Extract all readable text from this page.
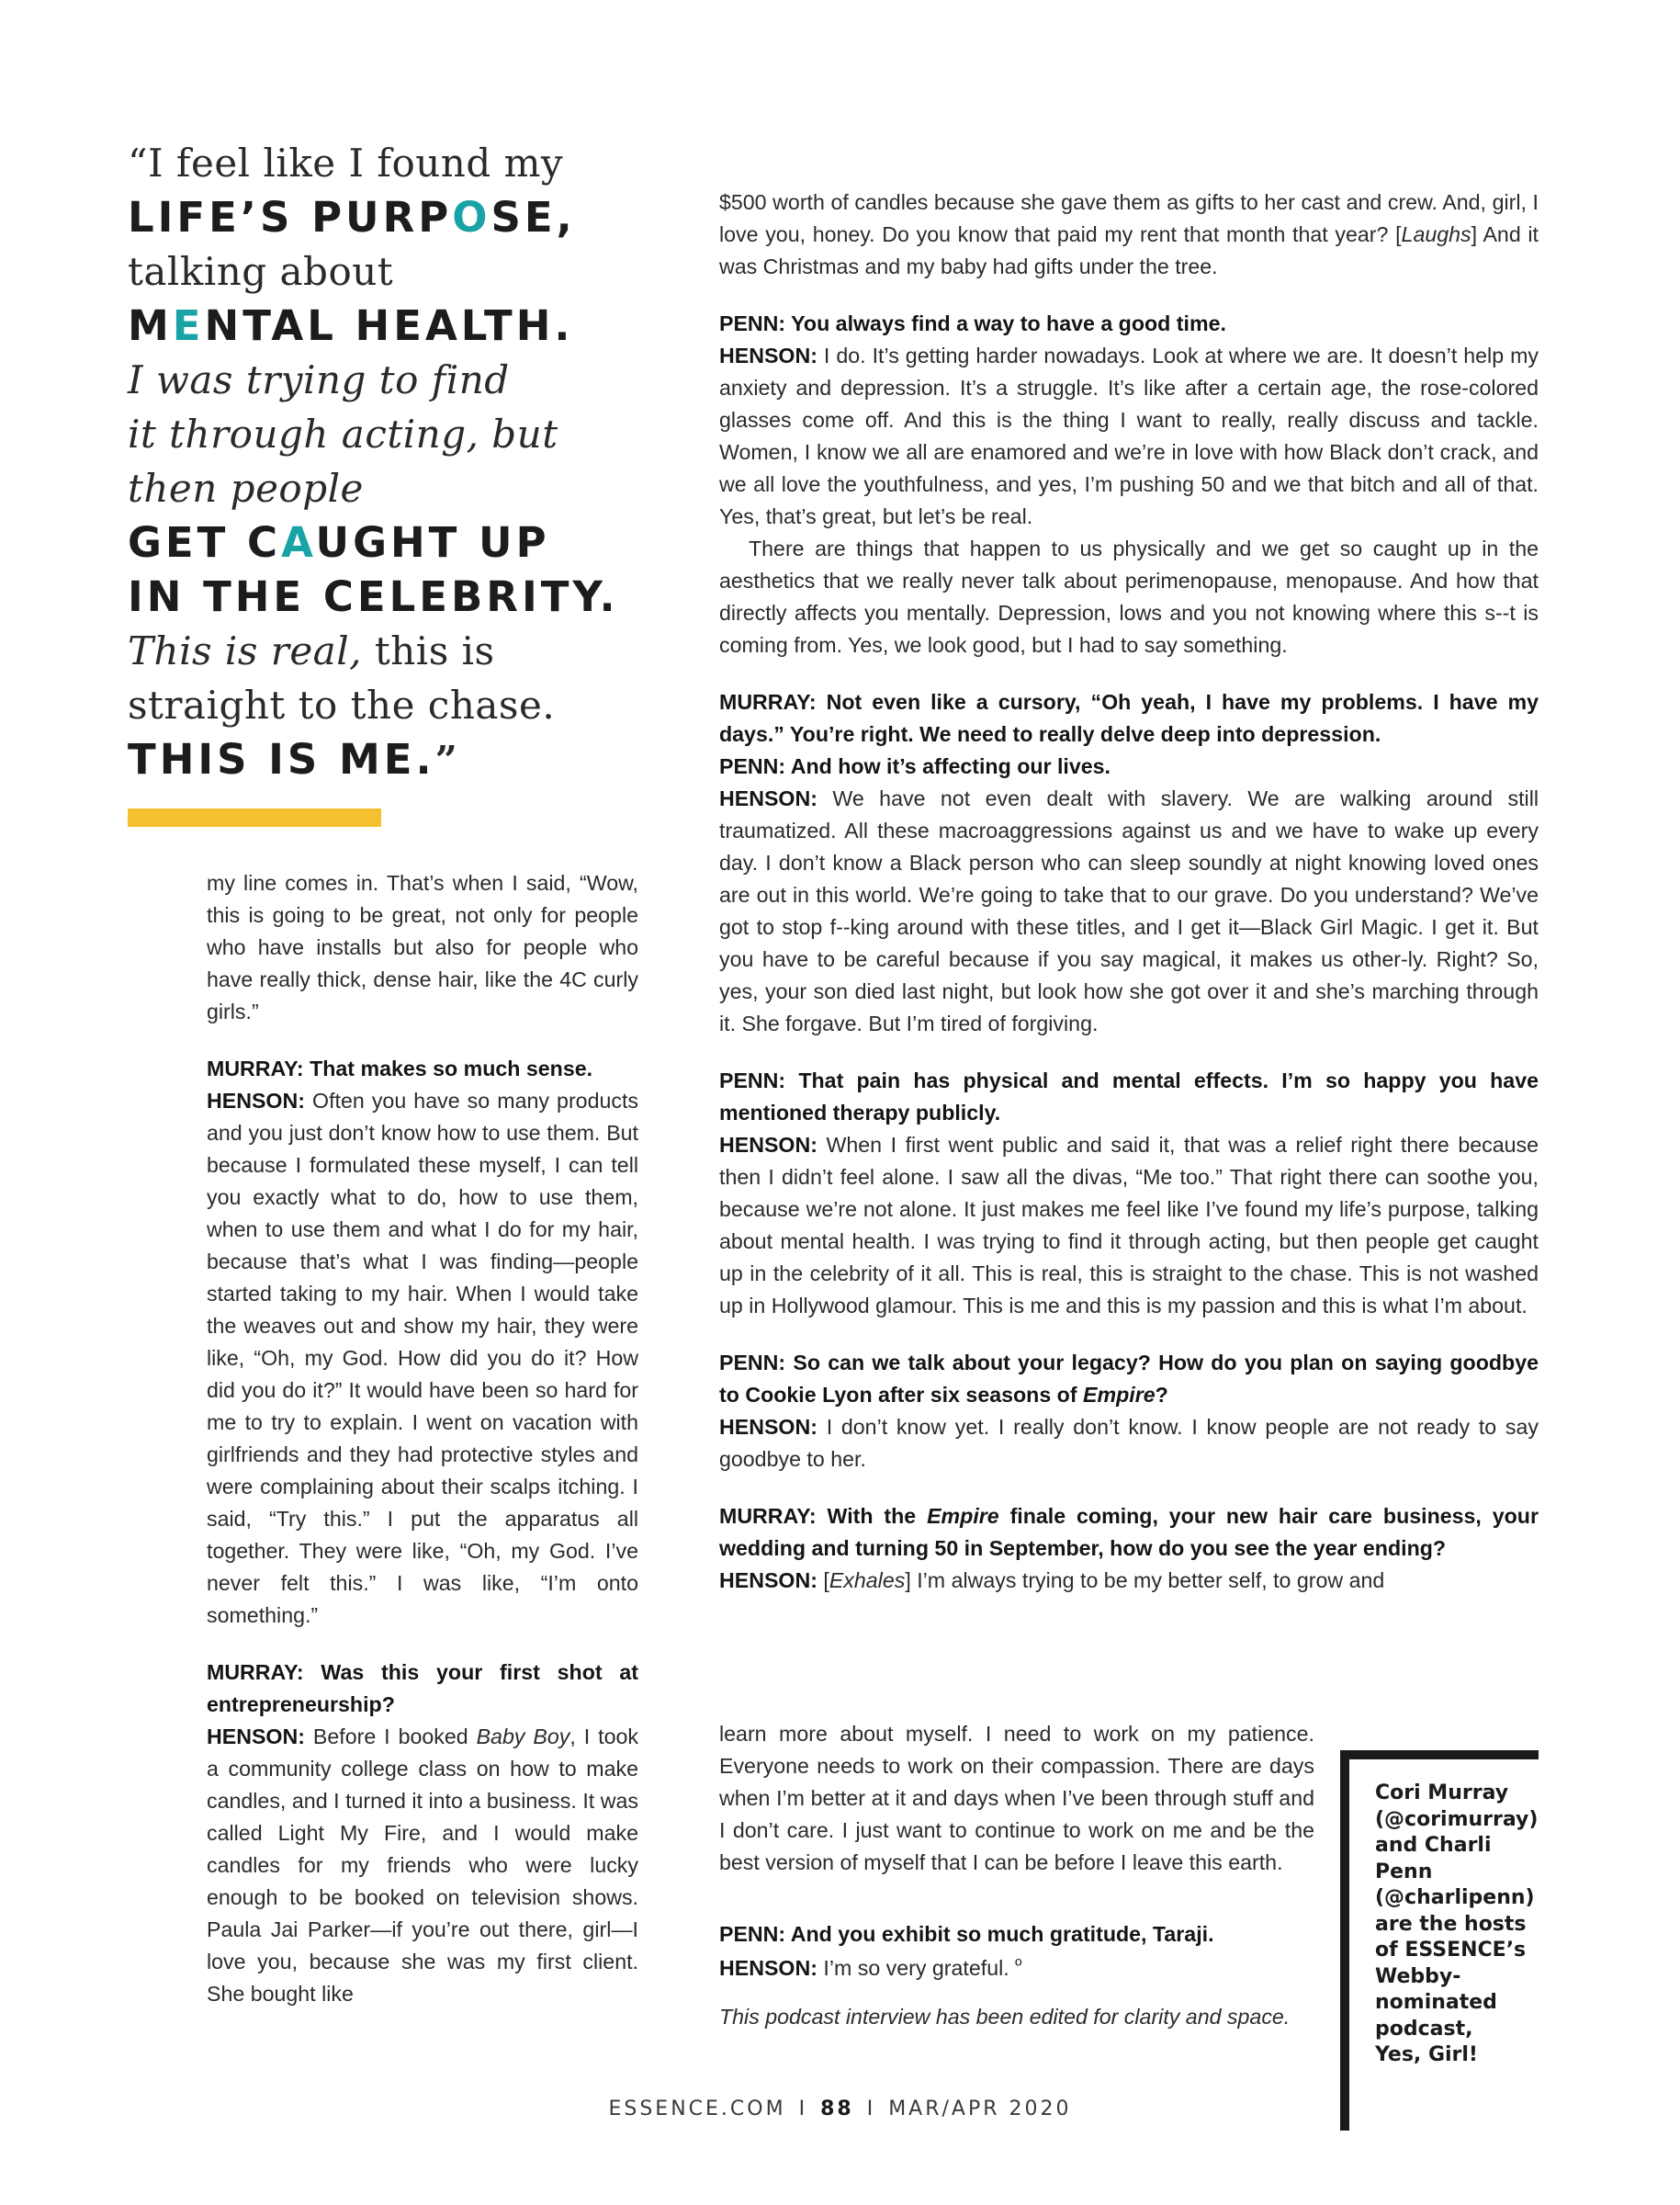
“I feel like I found my
LIFE’S PURPOSE,
talking about
MENTAL HEALTH.
I was trying to find
it through acting, but
then people
GET CAUGHT UP
IN THE CELEBRITY.
This is real, this is
straight to the chase.
THIS IS ME.”

my line comes in. That’s when I said, “Wow, this is going to be great, not only for people who have installs but also for people who have really thick, dense hair, like the 4C curly girls.”

MURRAY: That makes so much sense.

HENSON: Often you have so many products and you just don’t know how to use them. But because I formulated these myself, I can tell you exactly what to do, how to use them, when to use them and what I do for my hair, because that’s what I was finding—people started taking to my hair. When I would take the weaves out and show my hair, they were like, “Oh, my God. How did you do it? How did you do it?” It would have been so hard for me to try to explain. I went on vacation with girlfriends and they had protective styles and were complaining about their scalps itching. I said, “Try this.” I put the apparatus all together. They were like, “Oh, my God. I’ve never felt this.” I was like, “I’m onto something.”

MURRAY: Was this your first shot at entrepreneurship?

HENSON: Before I booked Baby Boy, I took a community college class on how to make candles, and I turned it into a business. It was called Light My Fire, and I would make candles for my friends who were lucky enough to be booked on television shows. Paula Jai Parker—if you’re out there, girl—I love you, because she was my first client. She bought like

$500 worth of candles because she gave them as gifts to her cast and crew. And, girl, I love you, honey. Do you know that paid my rent that month that year? [Laughs] And it was Christmas and my baby had gifts under the tree.

PENN: You always find a way to have a good time.

HENSON: I do. It’s getting harder nowadays. Look at where we are. It doesn’t help my anxiety and depression. It’s a struggle. It’s like after a certain age, the rose-colored glasses come off. And this is the thing I want to really, really discuss and tackle. Women, I know we all are enamored and we’re in love with how Black don’t crack, and we all love the youthfulness, and yes, I’m pushing 50 and we that bitch and all of that. Yes, that’s great, but let’s be real.

There are things that happen to us physically and we get so caught up in the aesthetics that we really never talk about perimenopause, menopause. And how that directly affects you mentally. Depression, lows and you not knowing where this s--t is coming from. Yes, we look good, but I had to say something.

MURRAY: Not even like a cursory, “Oh yeah, I have my problems. I have my days.” You’re right. We need to really delve deep into depression.

PENN: And how it’s affecting our lives.

HENSON: We have not even dealt with slavery. We are walking around still traumatized. All these macroaggressions against us and we have to wake up every day. I don’t know a Black person who can sleep soundly at night knowing loved ones are out in this world. We’re going to take that to our grave. Do you understand? We’ve got to stop f--king around with these titles, and I get it—Black Girl Magic. I get it. But you have to be careful because if you say magical, it makes us other-ly. Right? So, yes, your son died last night, but look how she got over it and she’s marching through it. She forgave. But I’m tired of forgiving.

PENN: That pain has physical and mental effects. I’m so happy you have mentioned therapy publicly.

HENSON: When I first went public and said it, that was a relief right there because then I didn’t feel alone. I saw all the divas, “Me too.” That right there can soothe you, because we’re not alone. It just makes me feel like I’ve found my life’s purpose, talking about mental health. I was trying to find it through acting, but then people get caught up in the celebrity of it all. This is real, this is straight to the chase. This is not washed up in Hollywood glamour. This is me and this is my passion and this is what I’m about.

PENN: So can we talk about your legacy? How do you plan on saying goodbye to Cookie Lyon after six seasons of Empire?

HENSON: I don’t know yet. I really don’t know. I know people are not ready to say goodbye to her.

MURRAY: With the Empire finale coming, your new hair care business, your wedding and turning 50 in September, how do you see the year ending?

HENSON: [Exhales] I’m always trying to be my better self, to grow and

learn more about myself. I need to work on my patience. Everyone needs to work on their compassion. There are days when I’m better at it and days when I’ve been through stuff and I don’t care. I just want to continue to work on me and be the best version of myself that I can be before I leave this earth.

PENN: And you exhibit so much gratitude, Taraji.

HENSON: I’m so very grateful. º

This podcast interview has been edited for clarity and space.

Cori Murray
(@corimurray)
and Charli
Penn
(@charlipenn)
are the hosts
of ESSENCE’s
Webby-
nominated
podcast,
Yes, Girl!
ESSENCE.COM I 88 I MAR/APR 2020
